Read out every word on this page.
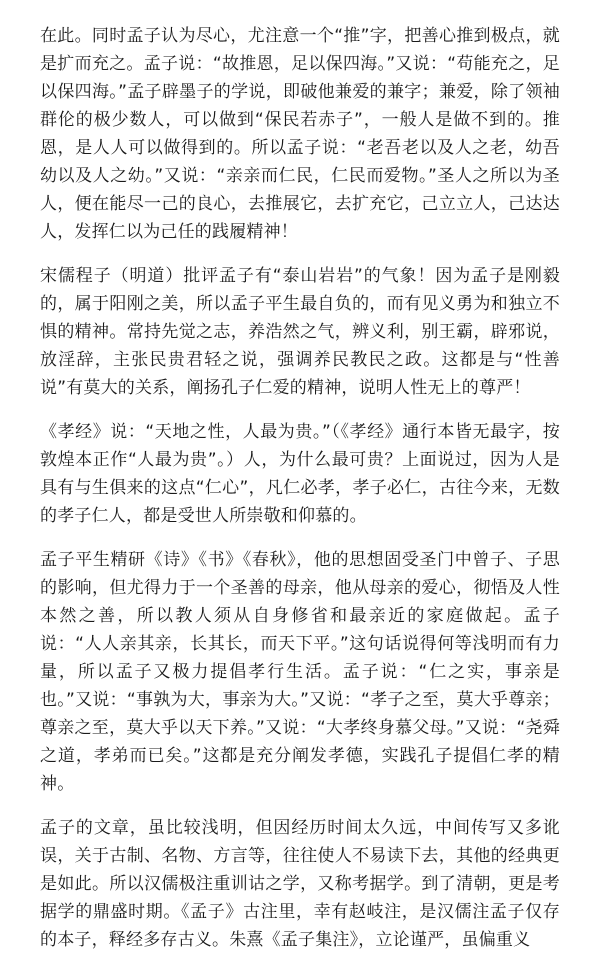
在此。同时孟子认为尽心，尤注意一个“推”字，把善心推到极点，就是扩而充之。孟子说：“故推恩，足以保四海。”又说：“苟能充之，足以保四海。”孟子辟墨子的学说，即破他兼爱的兼字；兼爱，除了领袖群伦的极少数人，可以做到“保民若赤子”，一般人是做不到的。推恩，是人人可以做得到的。所以孟子说：“老吾老以及人之老，幼吾幼以及人之幼。”又说：“亲亲而仁民，仁民而爱物。”圣人之所以为圣人，便在能尽一己的良心，去推展它，去扩充它，己立立人，己达达人，发挥仁以为己任的践履精神！

宋儒程子（明道）批评孟子有“泰山岩岩”的气象！因为孟子是刚毅的，属于阳刚之美，所以孟子平生最自负的，而有见义勇为和独立不惧的精神。常持先觉之志，养浩然之气，辨义利，别王霸，辟邪说，放淫辞，主张民贵君轻之说，强调养民教民之政。这都是与“性善说”有莫大的关系，阐扬孔子仁爱的精神，说明人性无上的尊严！

《孝经》说：“天地之性，人最为贵。”（《孝经》通行本皆无最字，按敦煌本正作“人最为贵”。）人，为什么最可贵？上面说过，因为人是具有与生俱来的这点“仁心”，凡仁必孝，孝子必仁，古往今来，无数的孝子仁人，都是受世人所崇敬和仰慕的。

孟子平生精研《诗》《书》《春秋》，他的思想固受圣门中曾子、子思的影响，但尤得力于一个圣善的母亲，他从母亲的爱心，彻悟及人性本然之善，所以教人须从自身修省和最亲近的家庭做起。孟子说：“人人亲其亲，长其长，而天下平。”这句话说得何等浅明而有力量，所以孟子又极力提倡孝行生活。孟子说：“仁之实，事亲是也。”又说：“事孰为大，事亲为大。”又说：“孝子之至，莫大乎尊亲；尊亲之至，莫大乎以天下养。”又说：“大孝终身慕父母。”又说：“尧舜之道，孝弟而已矣。”这都是充分阐发孝德，实践孔子提倡仁孝的精神。

孟子的文章，虽比较浅明，但因经历时间太久远，中间传写又多讹误，关于古制、名物、方言等，往往使人不易读下去，其他的经典更是如此。所以汉儒极注重训诂之学，又称考据学。到了清朝，更是考据学的鼎盛时期。《孟子》古注里，幸有赵岐注，是汉儒注孟子仅存的本子，释经多存古义。朱熹《孟子集注》，立论谨严，虽偏重义
